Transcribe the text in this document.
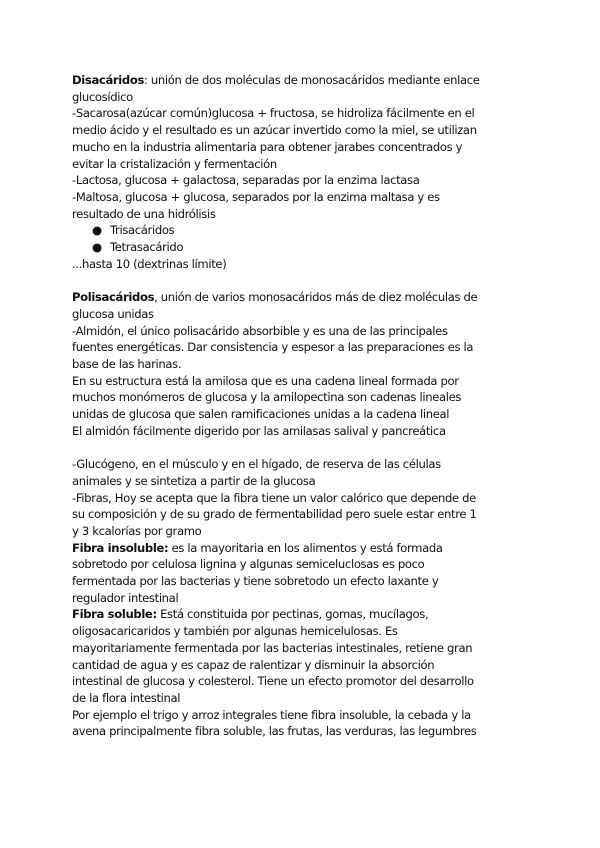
Disacáridos: unión de dos moléculas de monosacáridos mediante enlace
glucosídico
-Sacarosa(azúcar común)glucosa + fructosa, se hidroliza fácilmente en el
medio ácido y el resultado es un azúcar invertido como la miel, se utilizan
mucho en la industria alimentaria para obtener jarabes concentrados y
evitar la cristalización y fermentación
-Lactosa, glucosa + galactosa, separadas por la enzima lactasa
-Maltosa, glucosa + glucosa, separados por la enzima maltasa y es
resultado de una hidrólisis
● Trisacáridos
● Tetrasacárido
...hasta 10 (dextrinas límite)
Polisacáridos, unión de varios monosacáridos más de diez moléculas de
glucosa unidas
-Almidón, el único polisacárido absorbible y es una de las principales
fuentes energéticas. Dar consistencia y espesor a las preparaciones es la
base de las harinas.
En su estructura está la amilosa que es una cadena lineal formada por
muchos monómeros de glucosa y la amilopectina son cadenas lineales
unidas de glucosa que salen ramificaciones unidas a la cadena lineal
El almidón fácilmente digerido por las amilasas salival y pancreática
-Glucógeno, en el músculo y en el hígado, de reserva de las células
animales y se sintetiza a partir de la glucosa
-Fibras, Hoy se acepta que la fibra tiene un valor calórico que depende de
su composición y de su grado de fermentabilidad pero suele estar entre 1
y 3 kcalorías por gramo
Fibra insoluble: es la mayoritaria en los alimentos y está formada
sobretodo por celulosa lignina y algunas semiceluclosas es poco
fermentada por las bacterias y tiene sobretodo un efecto laxante y
regulador intestinal
Fibra soluble: Está constituida por pectinas, gomas, mucílagos,
oligosacaricaridos y también por algunas hemicelulosas. Es
mayoritariamente fermentada por las bacterias intestinales, retiene gran
cantidad de agua y es capaz de ralentizar y disminuir la absorción
intestinal de glucosa y colesterol. Tiene un efecto promotor del desarrollo
de la flora intestinal
Por ejemplo el trigo y arroz integrales tiene fibra insoluble, la cebada y la
avena principalmente fibra soluble, las frutas, las verduras, las legumbres
